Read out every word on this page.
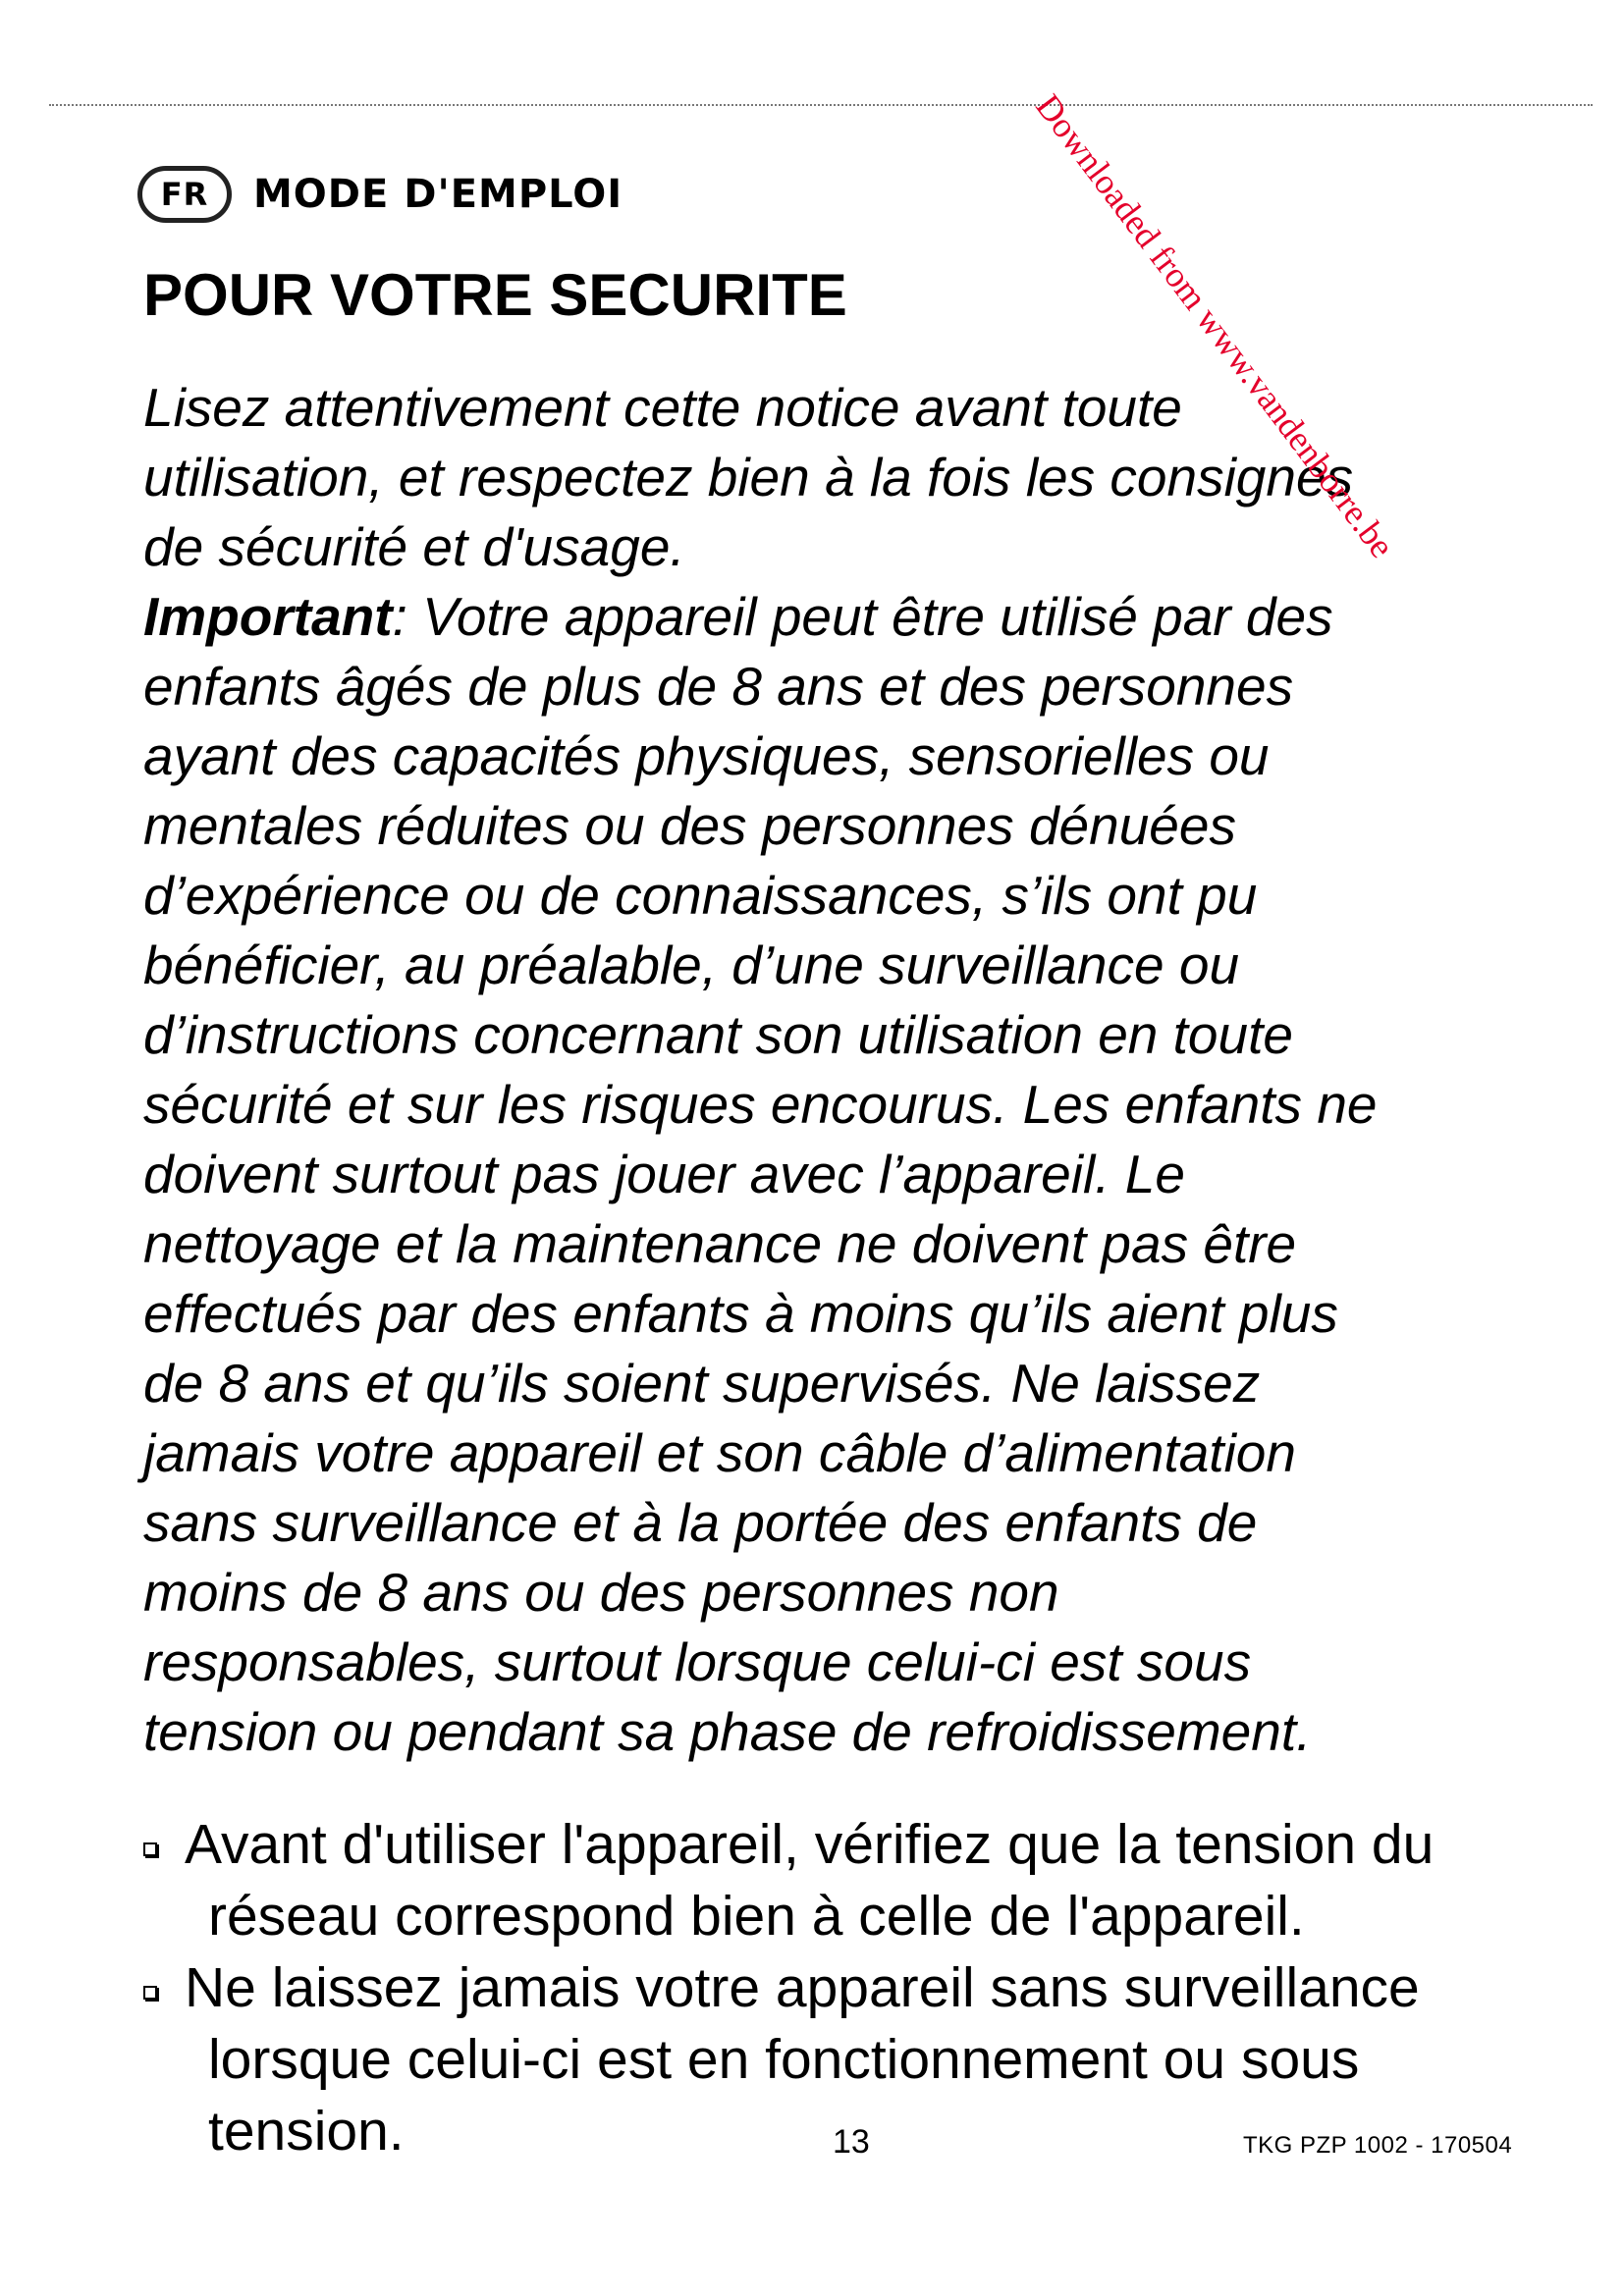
FR	MODE D'EMPLOI
POUR VOTRE SECURITE
Lisez attentivement cette notice avant toute
utilisation, et respectez bien à la fois les consignes
de sécurité et d'usage.
Important: Votre appareil peut être utilisé par des
enfants âgés de plus de 8 ans et des personnes
ayant des capacités physiques, sensorielles ou
mentales réduites ou des personnes dénuées
d’expérience ou de connaissances, s’ils ont pu
bénéficier, au préalable, d’une surveillance ou
d’instructions concernant son utilisation en toute
sécurité et sur les risques encourus. Les enfants ne
doivent surtout pas jouer avec l’appareil. Le
nettoyage et la maintenance ne doivent pas être
effectués par des enfants à moins qu’ils aient plus
de 8 ans et qu’ils soient supervisés. Ne laissez
jamais votre appareil et son câble d’alimentation
sans surveillance et à la portée des enfants de
moins de 8 ans ou des personnes non
responsables, surtout lorsque celui-ci est sous
tension ou pendant sa phase de refroidissement.
Avant d'utiliser l'appareil, vérifiez que la tension du
réseau correspond bien à celle de l'appareil.
Ne laissez jamais votre appareil sans surveillance
lorsque celui-ci est en fonctionnement ou sous
tension.	13	TKG PZP 1002 - 170504
Downloaded from www.vandenborre.be
